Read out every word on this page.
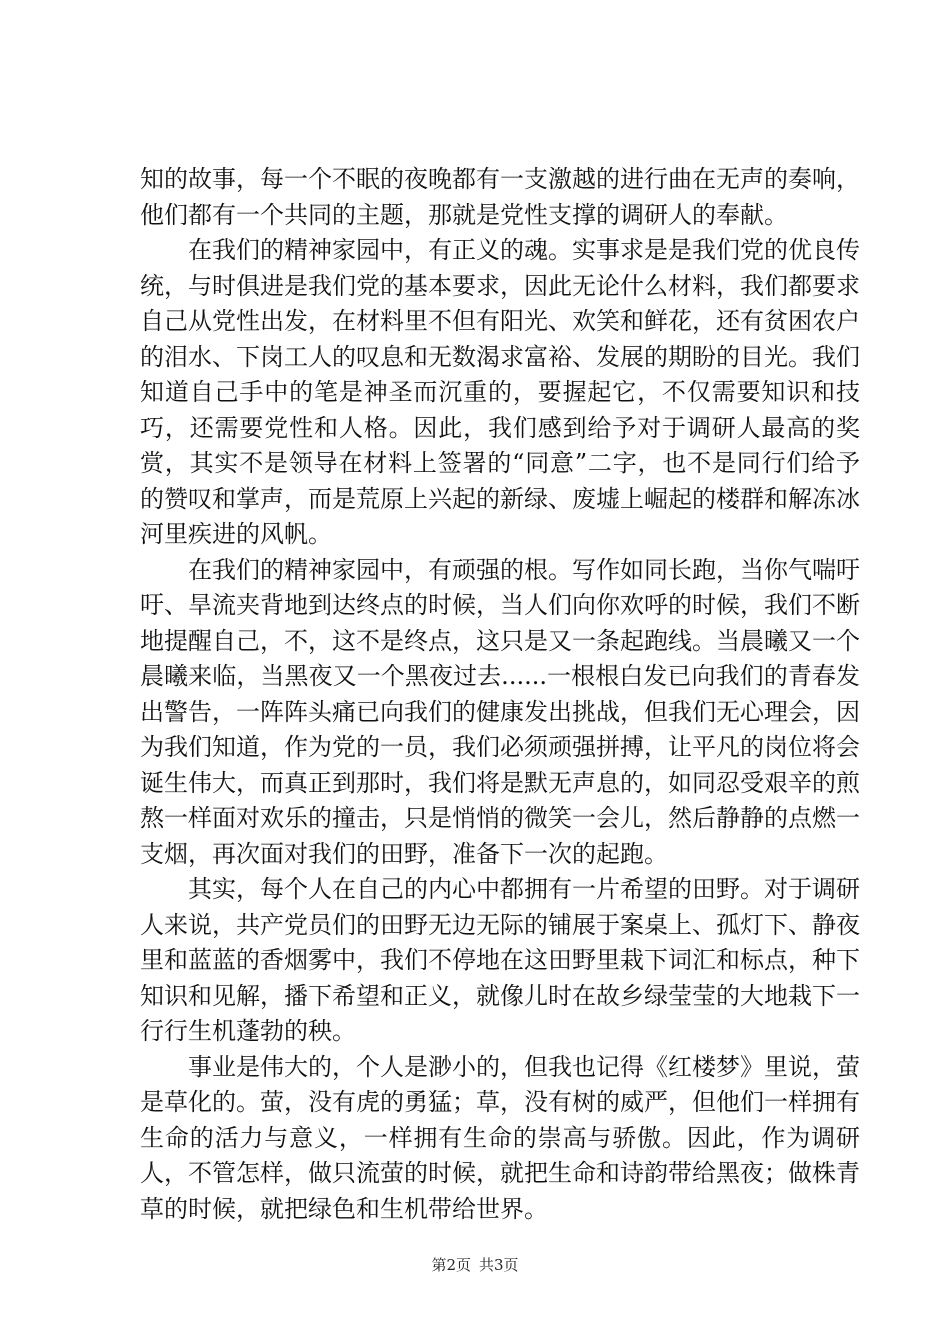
知的故事，每一个不眠的夜晚都有一支激越的进行曲在无声的奏响，他们都有一个共同的主题，那就是党性支撑的调研人的奉献。

在我们的精神家园中，有正义的魂。实事求是是我们党的优良传统，与时俱进是我们党的基本要求，因此无论什么材料，我们都要求自己从党性出发，在材料里不但有阳光、欢笑和鲜花，还有贫困农户的泪水、下岗工人的叹息和无数渴求富裕、发展的期盼的目光。我们知道自己手中的笔是神圣而沉重的，要握起它，不仅需要知识和技巧，还需要党性和人格。因此，我们感到给予对于调研人最高的奖赏，其实不是领导在材料上签署的“同意”二字，也不是同行们给予的赞叹和掌声，而是荒原上兴起的新绿、废墟上崛起的楼群和解冻冰河里疾进的风帆。

在我们的精神家园中，有顽强的根。写作如同长跑，当你气喘吁吁、旱流夹背地到达终点的时候，当人们向你欢呼的时候，我们不断地提醒自己，不，这不是终点，这只是又一条起跑线。当晨曦又一个晨曦来临，当黑夜又一个黑夜过去......一根根白发已向我们的青春发出警告，一阵阵头痛已向我们的健康发出挑战，但我们无心理会，因为我们知道，作为党的一员，我们必须顽强拼搏，让平凡的岗位将会诞生伟大，而真正到那时，我们将是默无声息的，如同忍受艰辛的煎熬一样面对欢乐的撞击，只是悄悄的微笑一会儿，然后静静的点燃一支烟，再次面对我们的田野，准备下一次的起跑。

其实，每个人在自己的内心中都拥有一片希望的田野。对于调研人来说，共产党员们的田野无边无际的铺展于案桌上、孤灯下、静夜里和蓝蓝的香烟雾中，我们不停地在这田野里栽下词汇和标点，种下知识和见解，播下希望和正义，就像儿时在故乡绿莹莹的大地栽下一行行生机蓬勃的秧。

事业是伟大的，个人是渺小的，但我也记得《红楼梦》里说，萤是草化的。萤，没有虎的勇猛；草，没有树的威严，但他们一样拥有生命的活力与意义，一样拥有生命的崇高与骄傲。因此，作为调研人，不管怎样，做只流萤的时候，就把生命和诗韵带给黑夜；做株青草的时候，就把绿色和生机带给世界。

第2页 共3页
